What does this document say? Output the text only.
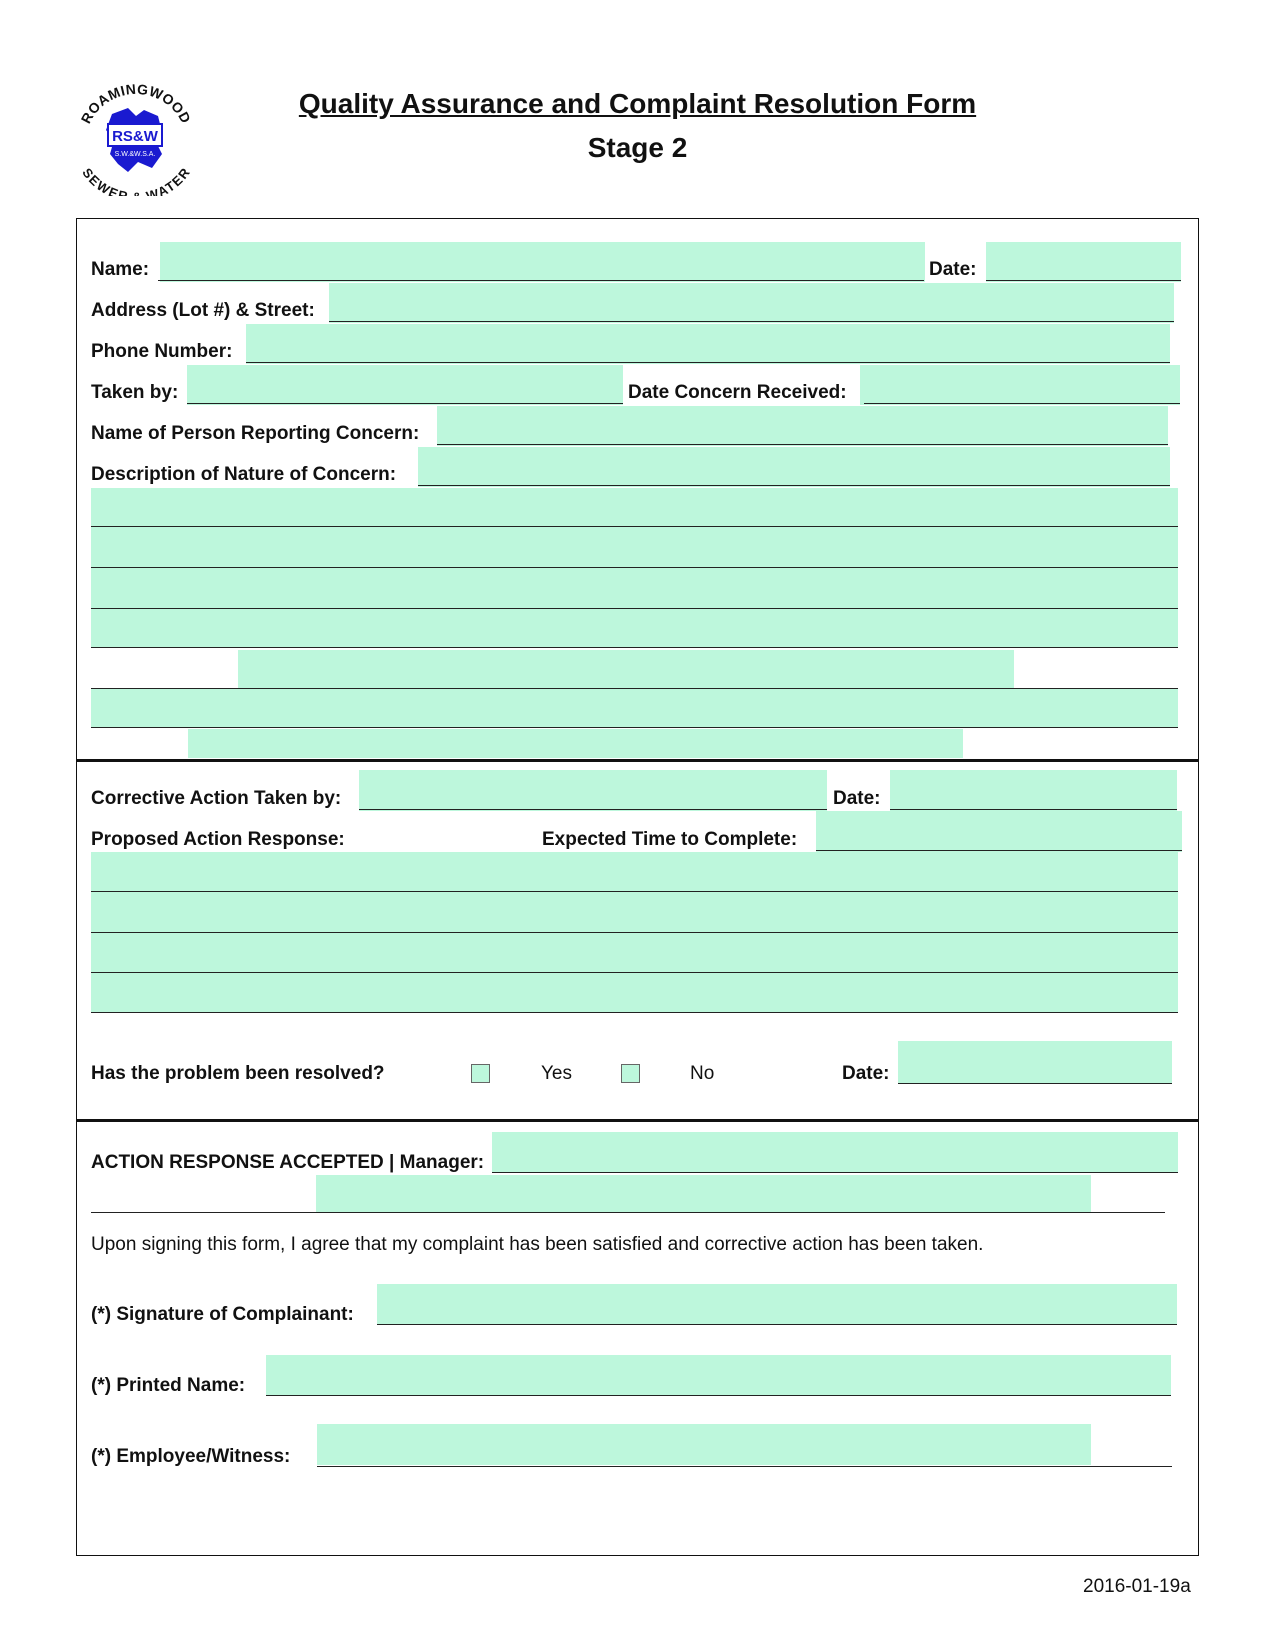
RS&W
S.W.&W.S.A.
ROAMINGWOOD
SEWER WATER
Quality Assurance and Complaint Resolution Form
Stage 2
Name:	Date:
Address (Lot #) & Street:
Phone Number:
Taken by:	Date Concern Received:
Name of Person Reporting Concern:
Description of Nature of Concern:
Corrective Action Taken by:	Date:
Proposed Action Response:	Expected Time to Complete:
Has the problem been resolved?	Yes	No	Date:
ACTION RESPONSE ACCEPTED | Manager:
Upon signing this form, I agree that my complaint has been satisfied and corrective action has been taken.
(*) Signature of Complainant:
(*) Printed Name:
(*) Employee/Witness:
2016-01-19a
